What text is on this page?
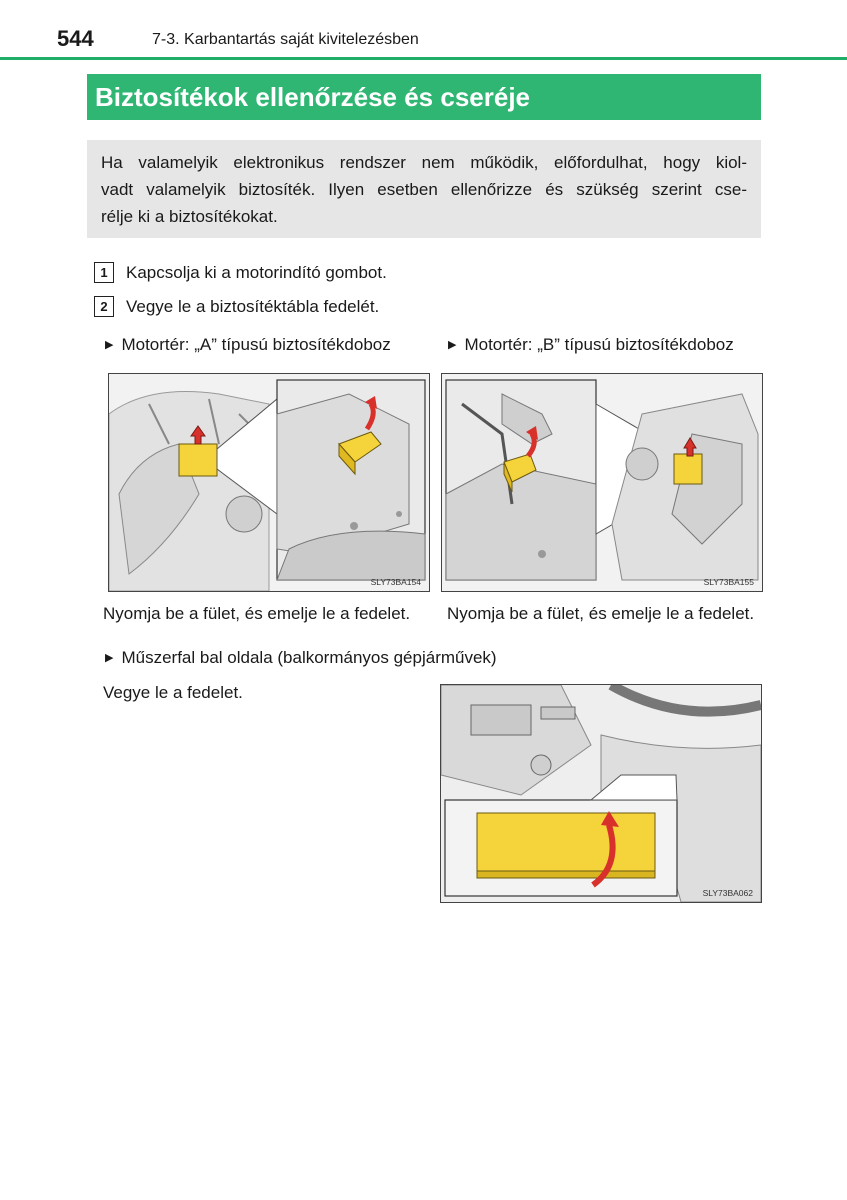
544	7-3. Karbantartás saját kivitelezésben
Biztosítékok ellenőrzése és cseréje
Ha valamelyik elektronikus rendszer nem működik, előfordulhat, hogy kiol-
vadt valamelyik biztosíték. Ilyen esetben ellenőrizze és szükség szerint cse-
rélje ki a biztosítékokat.
1 Kapcsolja ki a motorindító gombot.
2 Vegye le a biztosítéktábla fedelét.
▶ Motortér: „A” típusú biztosítékdoboz	▶ Motortér: „B” típusú biztosítékdoboz
SLY73BA154	SLY73BA155
Nyomja be a fület, és emelje le a fedelet. Nyomja be a fület, és emelje le a fedelet.
▶ Műszerfal bal oldala (balkormányos gépjárművek)
Vegye le a fedelet.
SLY73BA062
